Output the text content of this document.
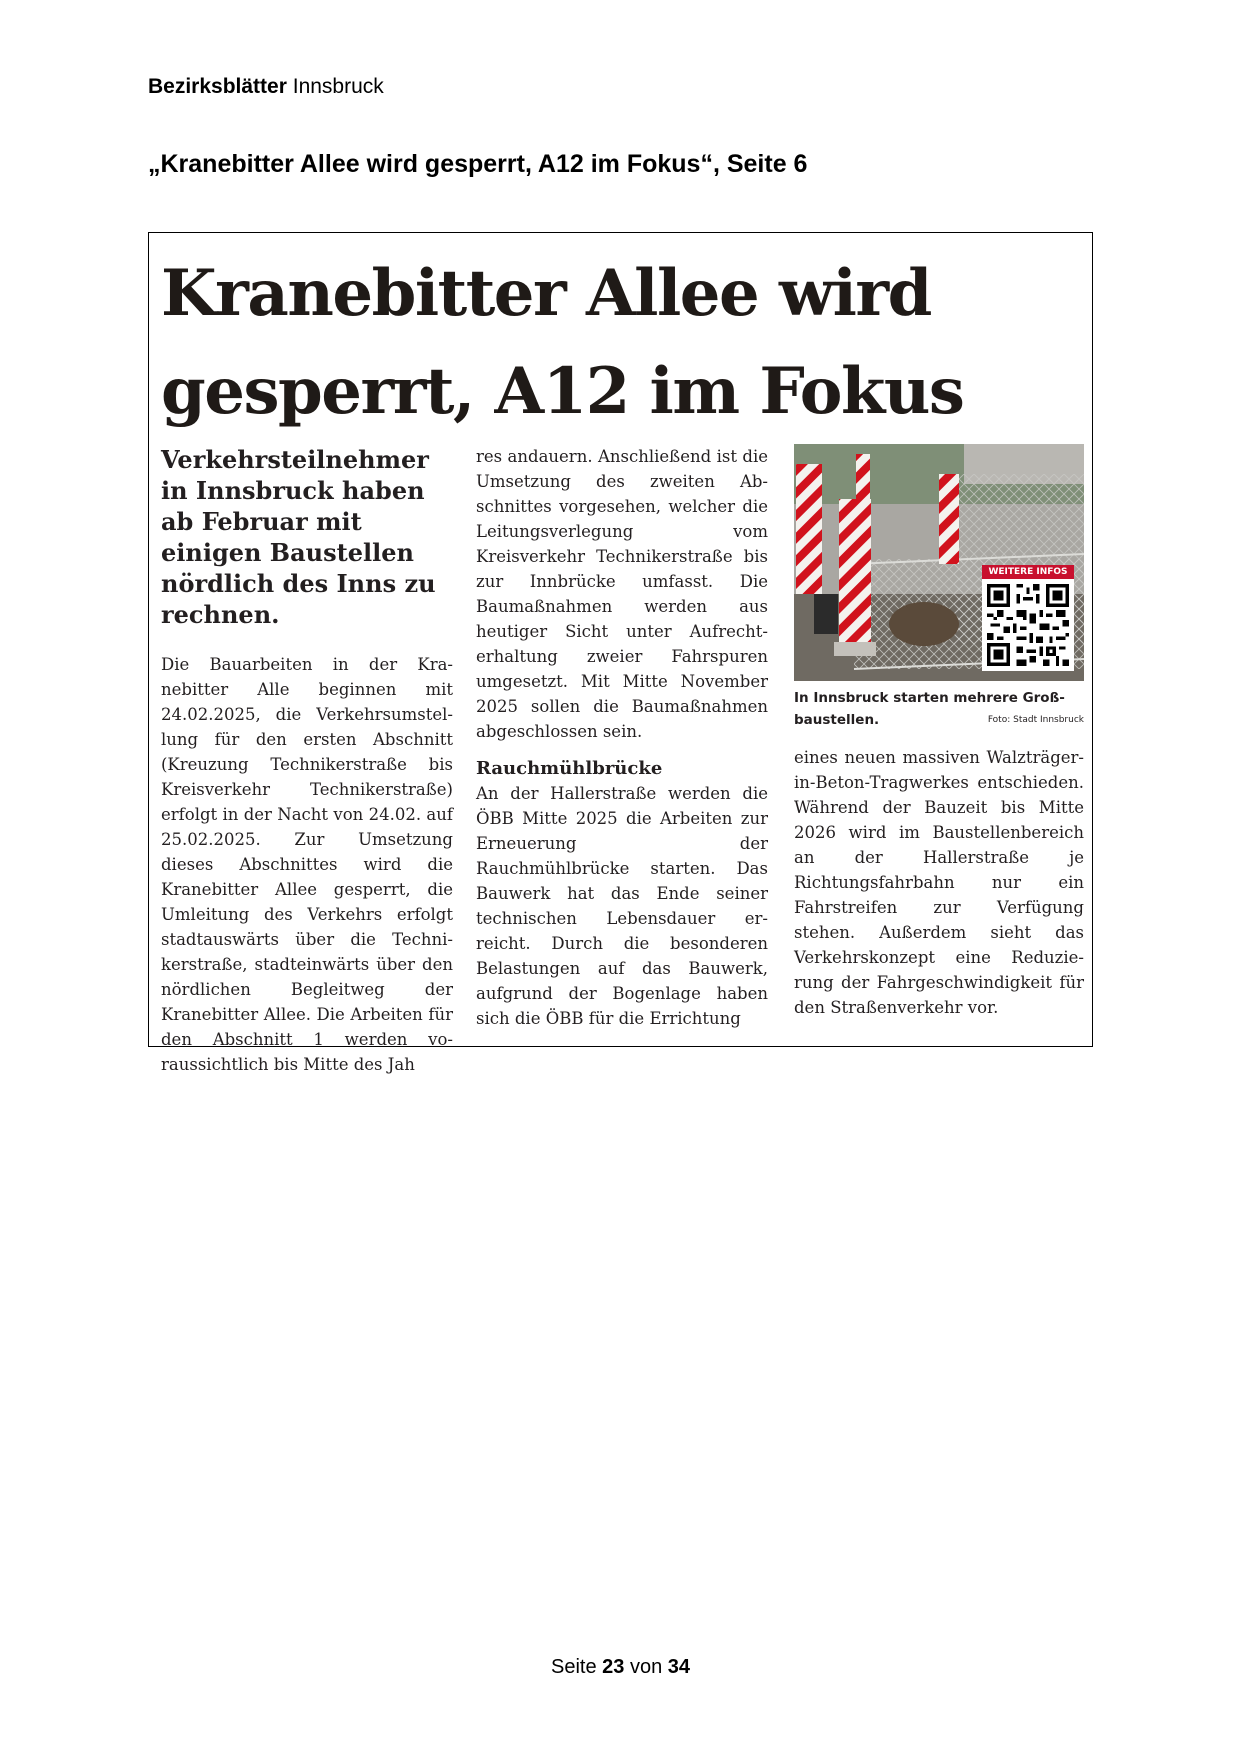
Bezirksblätter Innsbruck
„Kranebitter Allee wird gesperrt, A12 im Fokus“, Seite 6
Kranebitter Allee wird gesperrt, A12 im Fokus

Verkehrsteilnehmer in Innsbruck haben ab Februar mit einigen Baustellen nördlich des Inns zu rechnen.

Die Bauarbeiten in der Kranebitter Alle beginnen mit 24.02.2025, die Verkehrsumstellung für den ersten Abschnitt (Kreuzung Technikerstraße bis Kreisverkehr Technikerstraße) erfolgt in der Nacht von 24.02. auf 25.02.2025. Zur Umsetzung dieses Abschnittes wird die Kranebitter Allee gesperrt, die Umleitung des Verkehrs erfolgt stadtauswärts über die Technikerstraße, stadteinwärts über den nördlichen Begleitweg der Kranebitter Allee. Die Arbeiten für den Abschnitt 1 werden voraussichtlich bis Mitte des Jah

res andauern. Anschließend ist die Umsetzung des zweiten Abschnittes vorgesehen, welcher die Leitungsverlegung vom Kreisverkehr Technikerstraße bis zur Innbrücke umfasst. Die Baumaßnahmen werden aus heutiger Sicht unter Aufrechterhaltung zweier Fahrspuren umgesetzt. Mit Mitte November 2025 sollen die Baumaßnahmen abgeschlossen sein.

Rauchmühlbrücke

An der Hallerstraße werden die ÖBB Mitte 2025 die Arbeiten zur Erneuerung der Rauchmühlbrücke starten. Das Bauwerk hat das Ende seiner technischen Lebensdauer erreicht. Durch die besonderen Belastungen auf das Bauwerk, aufgrund der Bogenlage haben sich die ÖBB für die Errichtung

WEITERE INFOS
In Innsbruck starten mehrere Großbaustellen.	Foto: Stadt Innsbruck

eines neuen massiven Walzträger-in-Beton-Tragwerkes entschieden. Während der Bauzeit bis Mitte 2026 wird im Baustellenbereich an der Hallerstraße je Richtungsfahrbahn nur ein Fahrstreifen zur Verfügung stehen. Außerdem sieht das Verkehrskonzept eine Reduzierung der Fahrgeschwindigkeit für den Straßenverkehr vor.

Seite 23 von 34
